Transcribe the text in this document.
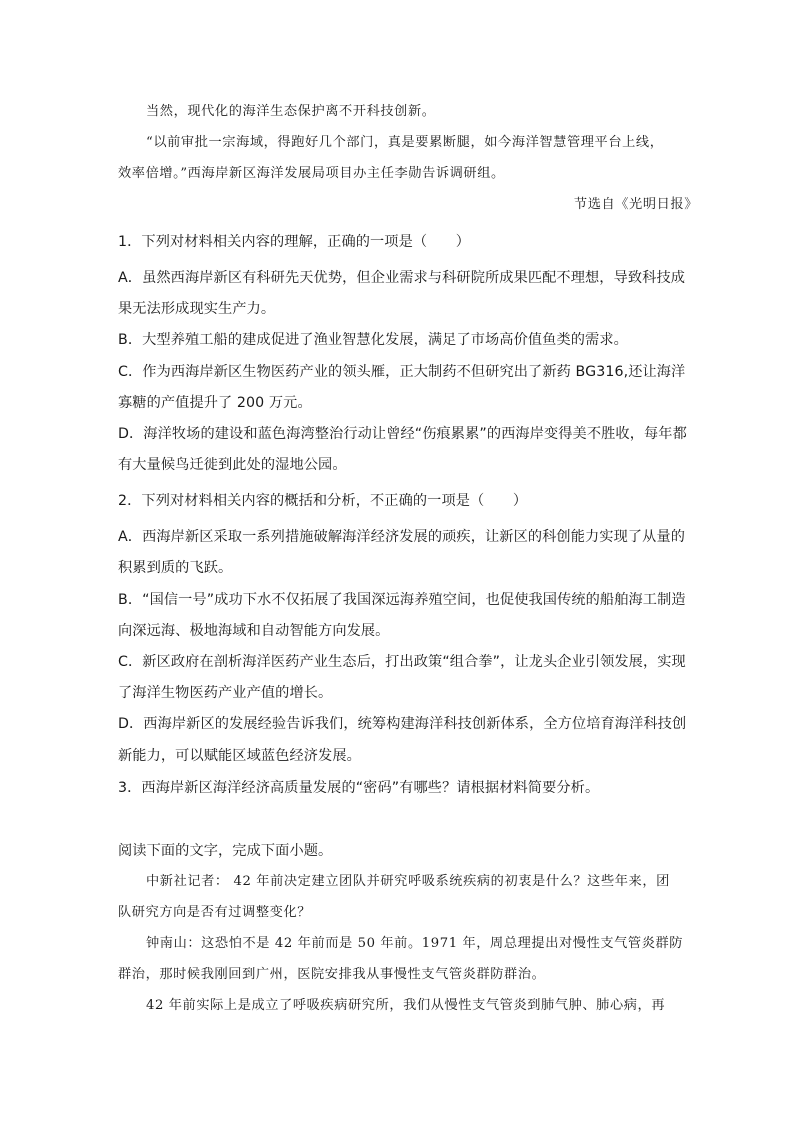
当然，现代化的海洋生态保护离不开科技创新。
“以前审批一宗海域，得跑好几个部门，真是要累断腿，如今海洋智慧管理平台上线，
效率倍增。”西海岸新区海洋发展局项目办主任李勋告诉调研组。
节选自《光明日报》
1．下列对材料相关内容的理解，正确的一项是（　　）
A．虽然西海岸新区有科研先天优势，但企业需求与科研院所成果匹配不理想，导致科技成
果无法形成现实生产力。
B．大型养殖工船的建成促进了渔业智慧化发展，满足了市场高价值鱼类的需求。
C．作为西海岸新区生物医药产业的领头雁，正大制药不但研究出了新药 BG316,还让海洋
寡糖的产值提升了 200 万元。
D．海洋牧场的建设和蓝色海湾整治行动让曾经“伤痕累累”的西海岸变得美不胜收，每年都
有大量候鸟迁徙到此处的湿地公园。
2．下列对材料相关内容的概括和分析，不正确的一项是（　　）
A．西海岸新区采取一系列措施破解海洋经济发展的顽疾，让新区的科创能力实现了从量的
积累到质的飞跃。
B．“国信一号”成功下水不仅拓展了我国深远海养殖空间，也促使我国传统的船舶海工制造
向深远海、极地海域和自动智能方向发展。
C．新区政府在剖析海洋医药产业生态后，打出政策“组合拳”，让龙头企业引领发展，实现
了海洋生物医药产业产值的增长。
D．西海岸新区的发展经验告诉我们，统筹构建海洋科技创新体系，全方位培育海洋科技创
新能力，可以赋能区域蓝色经济发展。
3．西海岸新区海洋经济高质量发展的“密码”有哪些？请根据材料简要分析。
阅读下面的文字，完成下面小题。
中新社记者： 42 年前决定建立团队并研究呼吸系统疾病的初衷是什么？这些年来，团
队研究方向是否有过调整变化？
钟南山：这恐怕不是 42 年前而是 50 年前。1971 年，周总理提出对慢性支气管炎群防
群治，那时候我刚回到广州，医院安排我从事慢性支气管炎群防群治。
42 年前实际上是成立了呼吸疾病研究所，我们从慢性支气管炎到肺气肿、肺心病，再
